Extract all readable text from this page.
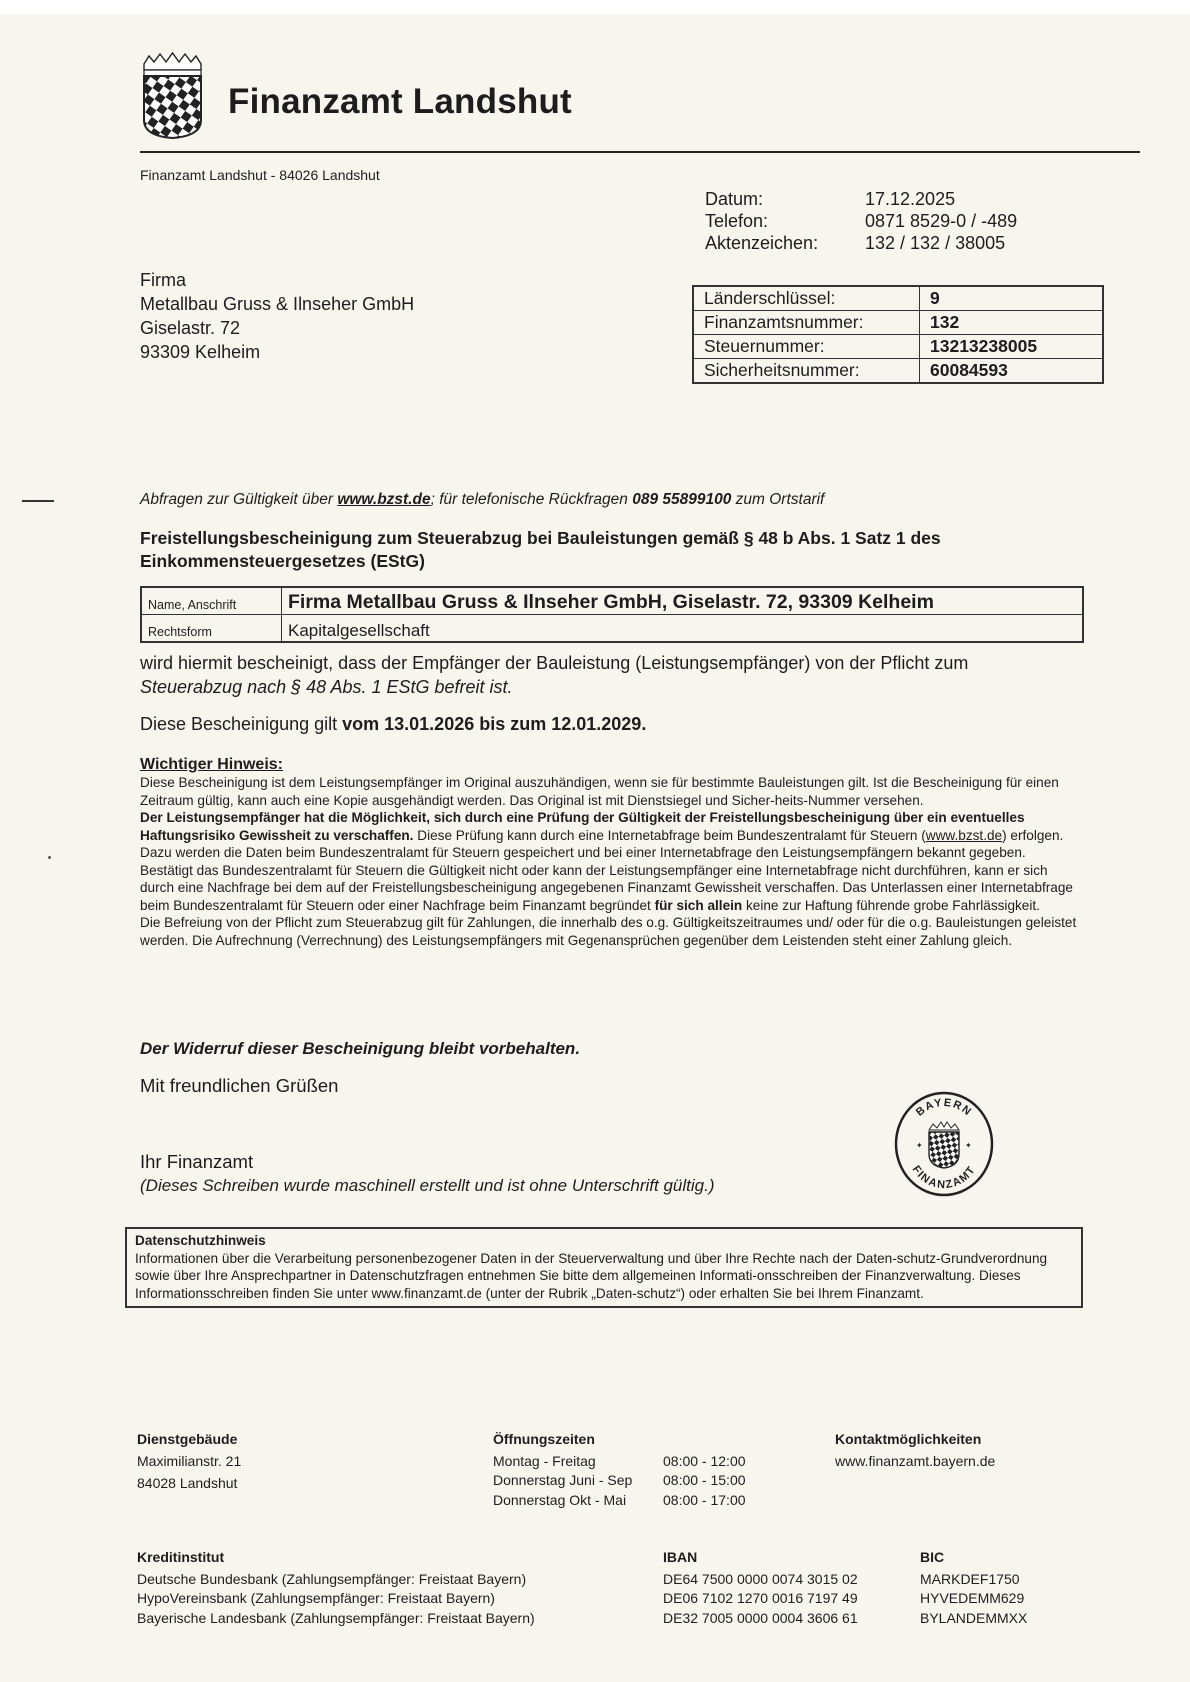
Finanzamt Landshut
Finanzamt Landshut - 84026 Landshut
Datum:	17.12.2025
Telefon:	0871 8529-0 / -489
Aktenzeichen:	132 / 132 / 38005
Firma
Metallbau Gruss & Ilnseher GmbH
Giselastr. 72
93309 Kelheim
Länderschlüssel:	9
Finanzamtsnummer:	132
Steuernummer:	13213238005
Sicherheitsnummer:	60084593
Abfragen zur Gültigkeit über www.bzst.de; für telefonische Rückfragen 089 55899100 zum Ortstarif
Freistellungsbescheinigung zum Steuerabzug bei Bauleistungen gemäß § 48 b Abs. 1 Satz 1 des
Einkommensteuergesetzes (EStG)
Name, Anschrift	Firma Metallbau Gruss & Ilnseher GmbH, Giselastr. 72, 93309 Kelheim
Rechtsform	Kapitalgesellschaft
wird hiermit bescheinigt, dass der Empfänger der Bauleistung (Leistungsempfänger) von der Pflicht zum
Steuerabzug nach § 48 Abs. 1 EStG befreit ist.
Diese Bescheinigung gilt vom 13.01.2026 bis zum 12.01.2029.
Wichtiger Hinweis:
Diese Bescheinigung ist dem Leistungsempfänger im Original auszuhändigen, wenn sie für bestimmte Bauleistungen gilt. Ist die Bescheinigung für einen Zeitraum gültig, kann auch eine Kopie ausgehändigt werden. Das Original ist mit Dienstsiegel und Sicher-heits-Nummer versehen.
Der Leistungsempfänger hat die Möglichkeit, sich durch eine Prüfung der Gültigkeit der Freistellungsbescheinigung über ein eventuelles Haftungsrisiko Gewissheit zu verschaffen. Diese Prüfung kann durch eine Internetabfrage beim Bundeszentralamt für Steuern (www.bzst.de) erfolgen. Dazu werden die Daten beim Bundeszentralamt für Steuern gespeichert und bei einer Internetabfrage den Leistungsempfängern bekannt gegeben. Bestätigt das Bundeszentralamt für Steuern die Gültigkeit nicht oder kann der Leistungsempfänger eine Internetabfrage nicht durchführen, kann er sich durch eine Nachfrage bei dem auf der Freistellungsbescheinigung angegebenen Finanzamt Gewissheit verschaffen. Das Unterlassen einer Internetabfrage beim Bundeszentralamt für Steuern oder einer Nachfrage beim Finanzamt begründet für sich allein keine zur Haftung führende grobe Fahrlässigkeit.
Die Befreiung von der Pflicht zum Steuerabzug gilt für Zahlungen, die innerhalb des o.g. Gültigkeitszeitraumes und/ oder für die o.g. Bauleistungen geleistet werden. Die Aufrechnung (Verrechnung) des Leistungsempfängers mit Gegenansprüchen gegenüber dem Leistenden steht einer Zahlung gleich.
Der Widerruf dieser Bescheinigung bleibt vorbehalten.
Mit freundlichen Grüßen
Ihr Finanzamt
(Dieses Schreiben wurde maschinell erstellt und ist ohne Unterschrift gültig.)
BAYERN
FINANZAMT
✦	✦
Datenschutzhinweis
Informationen über die Verarbeitung personenbezogener Daten in der Steuerverwaltung und über Ihre Rechte nach der Daten-schutz-Grundverordnung sowie über Ihre Ansprechpartner in Datenschutzfragen entnehmen Sie bitte dem allgemeinen Informati-onsschreiben der Finanzverwaltung. Dieses Informationsschreiben finden Sie unter www.finanzamt.de (unter der Rubrik „Daten-schutz“) oder erhalten Sie bei Ihrem Finanzamt.
Dienstgebäude
Maximilianstr. 21
84028 Landshut
Öffnungszeiten
Montag - Freitag	08:00 - 12:00
Donnerstag Juni - Sep	08:00 - 15:00
Donnerstag Okt - Mai	08:00 - 17:00
Kontaktmöglichkeiten
www.finanzamt.bayern.de
Kreditinstitut	IBAN	BIC
Deutsche Bundesbank (Zahlungsempfänger: Freistaat Bayern)	DE64 7500 0000 0074 3015 02	MARKDEF1750
HypoVereinsbank (Zahlungsempfänger: Freistaat Bayern)	DE06 7102 1270 0016 7197 49	HYVEDEMM629
Bayerische Landesbank (Zahlungsempfänger: Freistaat Bayern)	DE32 7005 0000 0004 3606 61	BYLANDEMMXX
